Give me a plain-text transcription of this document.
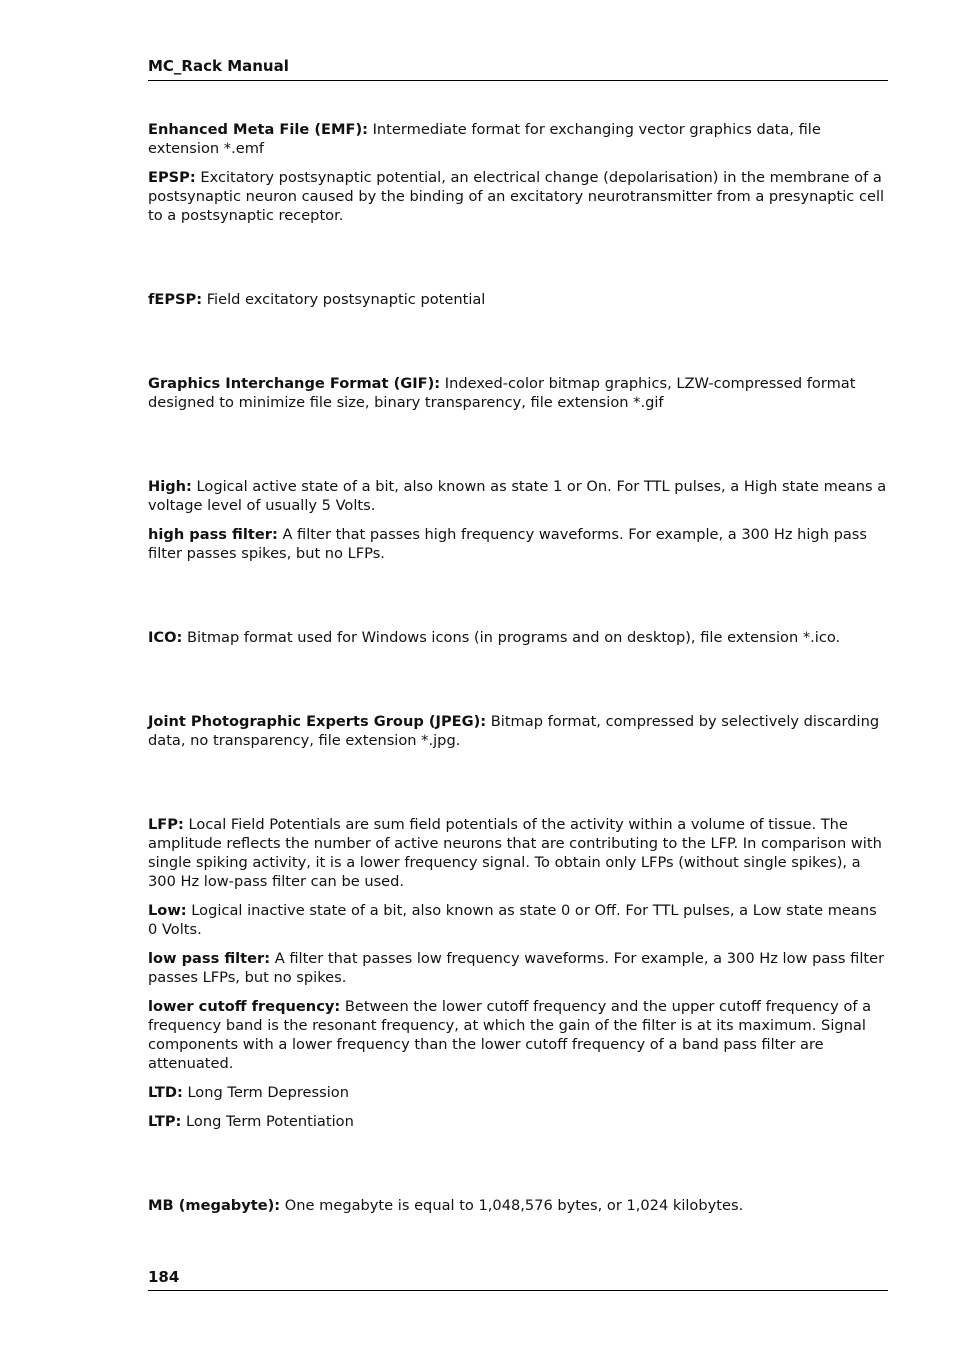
MC_Rack Manual

Enhanced Meta File (EMF): Intermediate format for exchanging vector graphics data, file extension *.emf

EPSP: Excitatory postsynaptic potential, an electrical change (depolarisation) in the membrane of a postsynaptic neuron caused by the binding of an excitatory neurotransmitter from a presynaptic cell to a postsynaptic receptor.

fEPSP: Field excitatory postsynaptic potential

Graphics Interchange Format (GIF): Indexed-color bitmap graphics, LZW-compressed format designed to minimize file size, binary transparency, file extension *.gif

High: Logical active state of a bit, also known as state 1 or On. For TTL pulses, a High state means a voltage level of usually 5 Volts.

high pass filter: A filter that passes high frequency waveforms. For example, a 300 Hz high pass filter passes spikes, but no LFPs.

ICO: Bitmap format used for Windows icons (in programs and on desktop), file extension *.ico.

Joint Photographic Experts Group (JPEG): Bitmap format, compressed by selectively discarding data, no transparency, file extension *.jpg.

LFP: Local Field Potentials are sum field potentials of the activity within a volume of tissue. The amplitude reflects the number of active neurons that are contributing to the LFP. In comparison with single spiking activity, it is a lower frequency signal. To obtain only LFPs (without single spikes), a 300 Hz low-pass filter can be used.

Low: Logical inactive state of a bit, also known as state 0 or Off. For TTL pulses, a Low state means 0 Volts.

low pass filter: A filter that passes low frequency waveforms. For example, a 300 Hz low pass filter passes LFPs, but no spikes.

lower cutoff frequency: Between the lower cutoff frequency and the upper cutoff frequency of a frequency band is the resonant frequency, at which the gain of the filter is at its maximum. Signal components with a lower frequency than the lower cutoff frequency of a band pass filter are attenuated.

LTD: Long Term Depression

LTP: Long Term Potentiation

MB (megabyte): One megabyte is equal to 1,048,576 bytes, or 1,024 kilobytes.

184
